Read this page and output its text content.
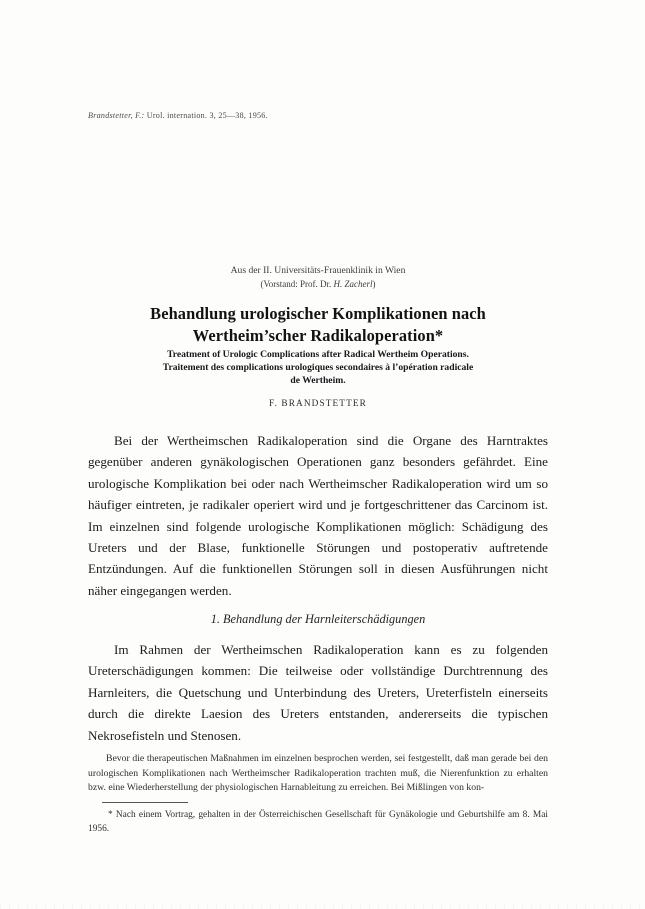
Brandstetter, F.: Urol. internation. 3, 25—38, 1956.
Aus der II. Universitäts-Frauenklinik in Wien
(Vorstand: Prof. Dr. H. Zacherl)
Behandlung urologischer Komplikationen nach
Wertheim’scher Radikaloperation*
Treatment of Urologic Complications after Radical Wertheim Operations.
Traitement des complications urologiques secondaires à l’opération radicale
de Wertheim.
F. BRANDSTETTER

Bei der Wertheimschen Radikaloperation sind die Organe des Harntraktes gegenüber anderen gynäkologischen Operationen ganz besonders gefährdet. Eine urologische Komplikation bei oder nach Wertheimscher Radikaloperation wird um so häufiger eintreten, je radikaler operiert wird und je fortgeschrittener das Carcinom ist. Im einzelnen sind folgende urologische Komplikationen möglich: Schädigung des Ureters und der Blase, funktionelle Störungen und postoperativ auftretende Entzündungen. Auf die funktionellen Störungen soll in diesen Ausführungen nicht näher eingegangen werden.

1. Behandlung der Harnleiterschädigungen

Im Rahmen der Wertheimschen Radikaloperation kann es zu folgenden Ureterschädigungen kommen: Die teilweise oder vollständige Durchtrennung des Harnleiters, die Quetschung und Unterbindung des Ureters, Ureterfisteln einerseits durch die direkte Laesion des Ureters entstanden, andererseits die typischen Nekrosefisteln und Stenosen.

Bevor die therapeutischen Maßnahmen im einzelnen besprochen werden, sei festgestellt, daß man gerade bei den urologischen Komplikationen nach Wertheimscher Radikaloperation trachten muß, die Nierenfunktion zu erhalten bzw. eine Wiederherstellung der physiologischen Harnableitung zu erreichen. Bei Mißlingen von kon-

* Nach einem Vortrag, gehalten in der Österreichischen Gesellschaft für Gynäkologie und Geburtshilfe am 8. Mai 1956.
